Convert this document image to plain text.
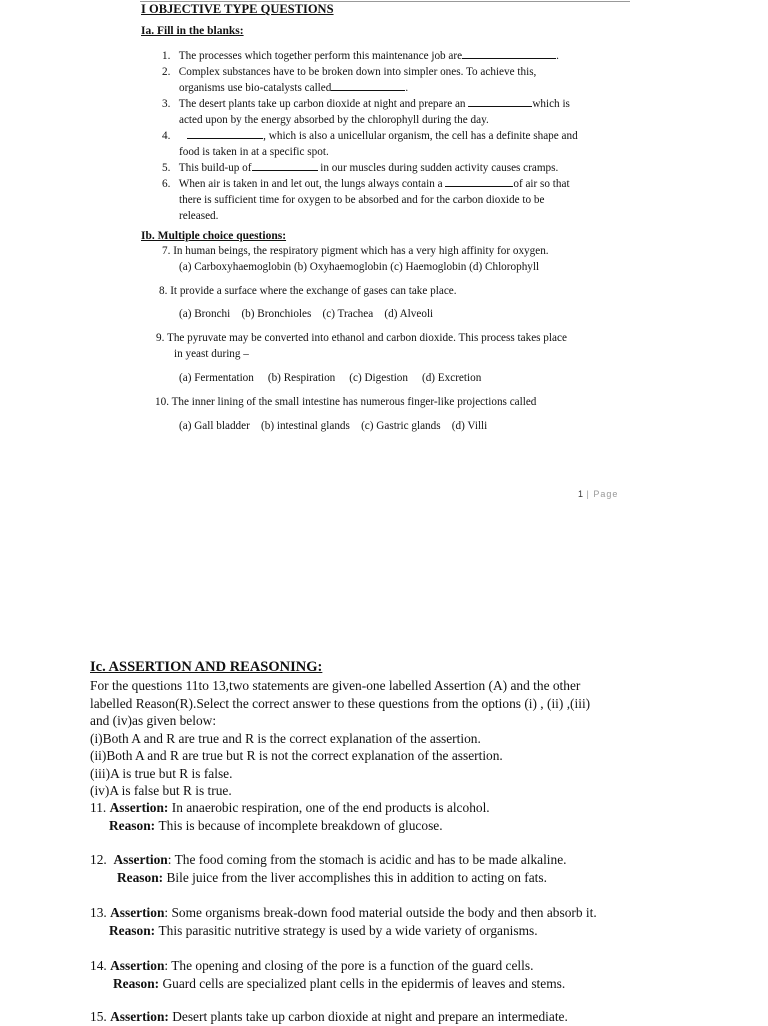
I OBJECTIVE TYPE QUESTIONS
Ia. Fill in the blanks:
1. The processes which together perform this maintenance job are	.
2. Complex substances have to be broken down into simpler ones. To achieve this,
organisms use bio-catalysts called	.
3. The desert plants take up carbon dioxide at night and prepare an	which is
acted upon by the energy absorbed by the chlorophyll during the day.
4.	, which is also a unicellular organism, the cell has a definite shape and
food is taken in at a specific spot.
5. This build-up of	in our muscles during sudden activity causes cramps.
6. When air is taken in and let out, the lungs always contain a	of air so that
there is sufficient time for oxygen to be absorbed and for the carbon dioxide to be
released.
Ib. Multiple choice questions:
7. In human beings, the respiratory pigment which has a very high affinity for oxygen.
(a) Carboxyhaemoglobin (b) Oxyhaemoglobin (c) Haemoglobin (d) Chlorophyll
8. It provide a surface where the exchange of gases can take place.
(a) Bronchi (b) Bronchioles (c) Trachea (d) Alveoli
9. The pyruvate may be converted into ethanol and carbon dioxide. This process takes place
in yeast during –
(a) Fermentation (b) Respiration (c) Digestion (d) Excretion
10. The inner lining of the small intestine has numerous finger-like projections called
(a) Gall bladder (b) intestinal glands (c) Gastric glands (d) Villi
1 | Page
Ic. ASSERTION AND REASONING:
For the questions 11to 13,two statements are given-one labelled Assertion (A) and the other
labelled Reason(R).Select the correct answer to these questions from the options (i) , (ii) ,(iii)
and (iv)as given below:
(i)Both A and R are true and R is the correct explanation of the assertion.
(ii)Both A and R are true but R is not the correct explanation of the assertion.
(iii)A is true but R is false.
(iv)A is false but R is true.
11. Assertion: In anaerobic respiration, one of the end products is alcohol.
Reason: This is because of incomplete breakdown of glucose.
12. Assertion: The food coming from the stomach is acidic and has to be made alkaline.
Reason: Bile juice from the liver accomplishes this in addition to acting on fats.
13. Assertion: Some organisms break-down food material outside the body and then absorb it.
Reason: This parasitic nutritive strategy is used by a wide variety of organisms.
14. Assertion: The opening and closing of the pore is a function of the guard cells.
Reason: Guard cells are specialized plant cells in the epidermis of leaves and stems.
15. Assertion: Desert plants take up carbon dioxide at night and prepare an intermediate.
